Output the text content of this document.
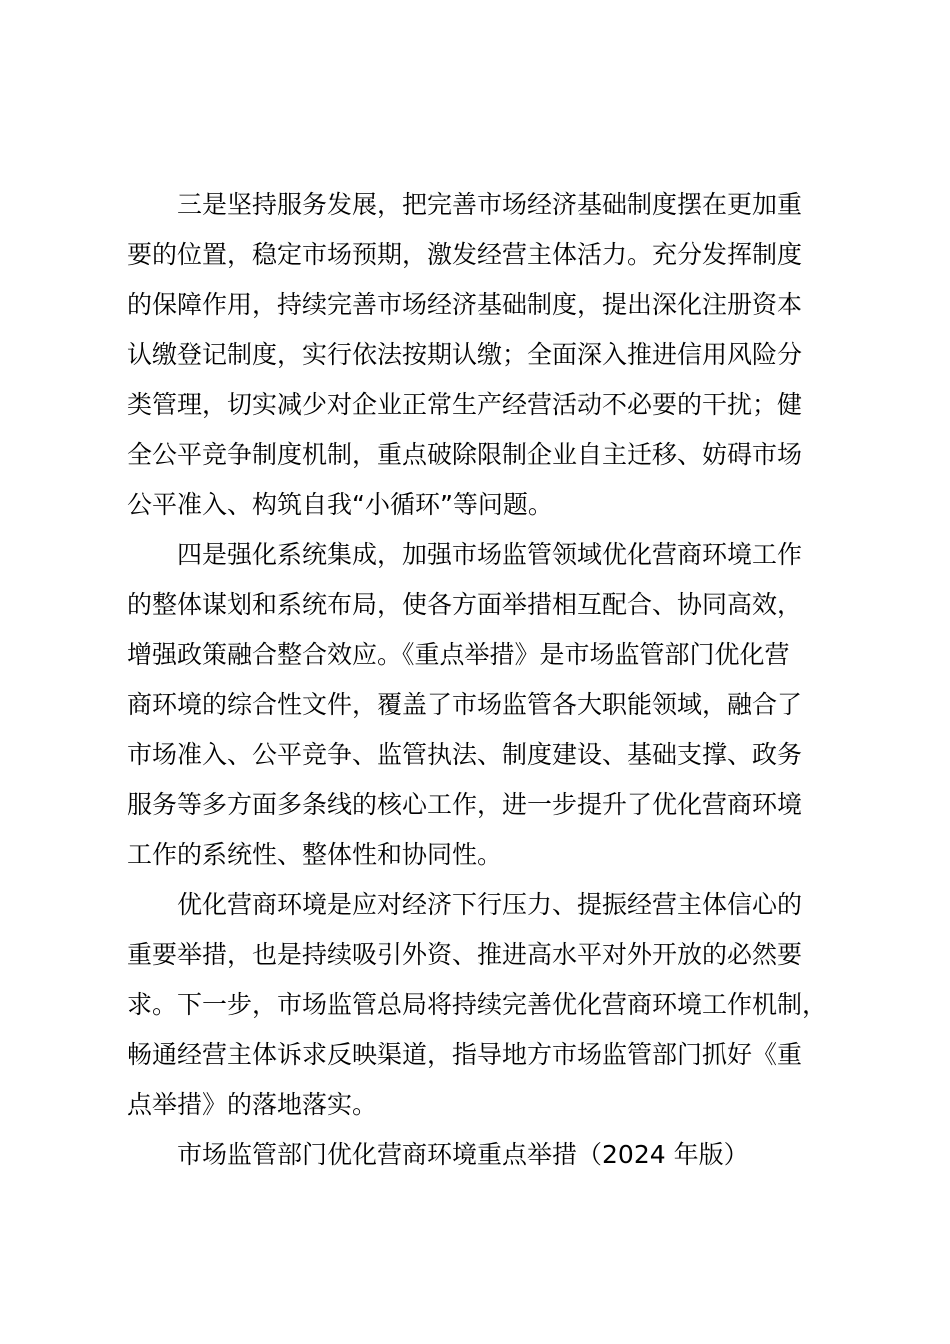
三是坚持服务发展，把完善市场经济基础制度摆在更加重
要的位置，稳定市场预期，激发经营主体活力。充分发挥制度
的保障作用，持续完善市场经济基础制度，提出深化注册资本
认缴登记制度，实行依法按期认缴；全面深入推进信用风险分
类管理，切实减少对企业正常生产经营活动不必要的干扰；健
全公平竞争制度机制，重点破除限制企业自主迁移、妨碍市场
公平准入、构筑自我“小循环”等问题。
四是强化系统集成，加强市场监管领域优化营商环境工作
的整体谋划和系统布局，使各方面举措相互配合、协同高效，
增强政策融合整合效应。《重点举措》是市场监管部门优化营
商环境的综合性文件，覆盖了市场监管各大职能领域，融合了
市场准入、公平竞争、监管执法、制度建设、基础支撑、政务
服务等多方面多条线的核心工作，进一步提升了优化营商环境
工作的系统性、整体性和协同性。
优化营商环境是应对经济下行压力、提振经营主体信心的
重要举措，也是持续吸引外资、推进高水平对外开放的必然要
求。下一步，市场监管总局将持续完善优化营商环境工作机制，
畅通经营主体诉求反映渠道，指导地方市场监管部门抓好《重
点举措》的落地落实。
市场监管部门优化营商环境重点举措（2024 年版）
